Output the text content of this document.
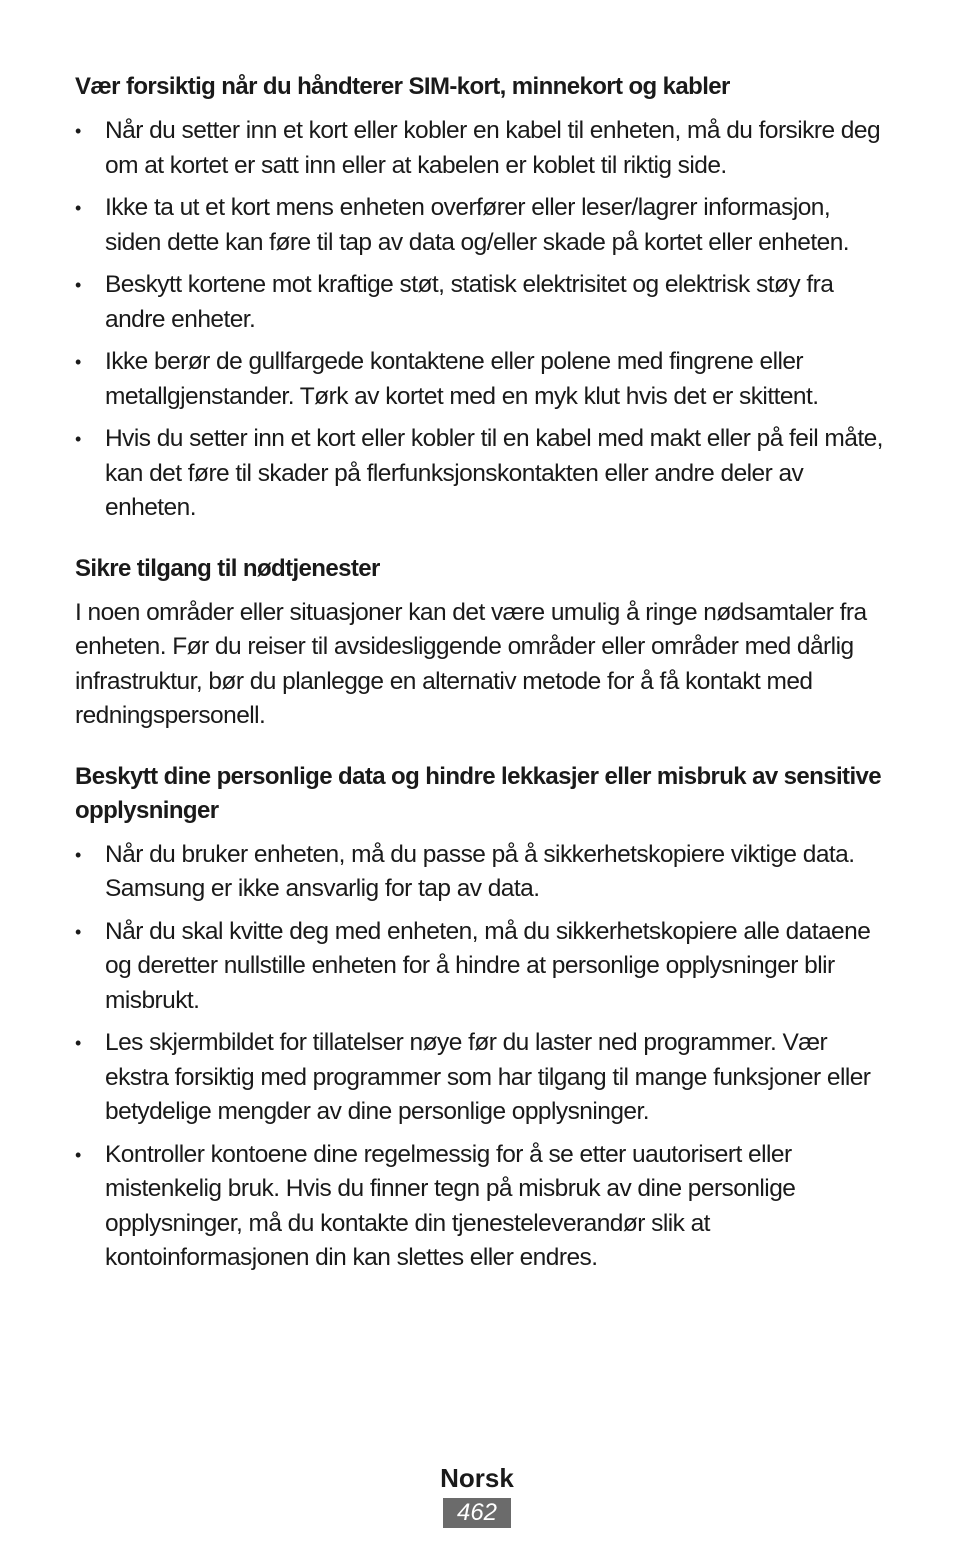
Vær forsiktig når du håndterer SIM-kort, minnekort og kabler
• Når du setter inn et kort eller kobler en kabel til enheten, må du forsikre deg om at kortet er satt inn eller at kabelen er koblet til riktig side.
• Ikke ta ut et kort mens enheten overfører eller leser/lagrer informasjon, siden dette kan føre til tap av data og/eller skade på kortet eller enheten.
• Beskytt kortene mot kraftige støt, statisk elektrisitet og elektrisk støy fra andre enheter.
• Ikke berør de gullfargede kontaktene eller polene med fingrene eller metallgjenstander. Tørk av kortet med en myk klut hvis det er skittent.
• Hvis du setter inn et kort eller kobler til en kabel med makt eller på feil måte, kan det føre til skader på flerfunksjonskontakten eller andre deler av enheten.
Sikre tilgang til nødtjenester

I noen områder eller situasjoner kan det være umulig å ringe nødsamtaler fra enheten. Før du reiser til avsidesliggende områder eller områder med dårlig infrastruktur, bør du planlegge en alternativ metode for å få kontakt med redningspersonell.

Beskytt dine personlige data og hindre lekkasjer eller misbruk av sensitive opplysninger
• Når du bruker enheten, må du passe på å sikkerhetskopiere viktige data. Samsung er ikke ansvarlig for tap av data.
• Når du skal kvitte deg med enheten, må du sikkerhetskopiere alle dataene og deretter nullstille enheten for å hindre at personlige opplysninger blir misbrukt.
• Les skjermbildet for tillatelser nøye før du laster ned programmer. Vær ekstra forsiktig med programmer som har tilgang til mange funksjoner eller betydelige mengder av dine personlige opplysninger.
• Kontroller kontoene dine regelmessig for å se etter uautorisert eller mistenkelig bruk. Hvis du finner tegn på misbruk av dine personlige opplysninger, må du kontakte din tjenesteleverandør slik at kontoinformasjonen din kan slettes eller endres.
Norsk
462
